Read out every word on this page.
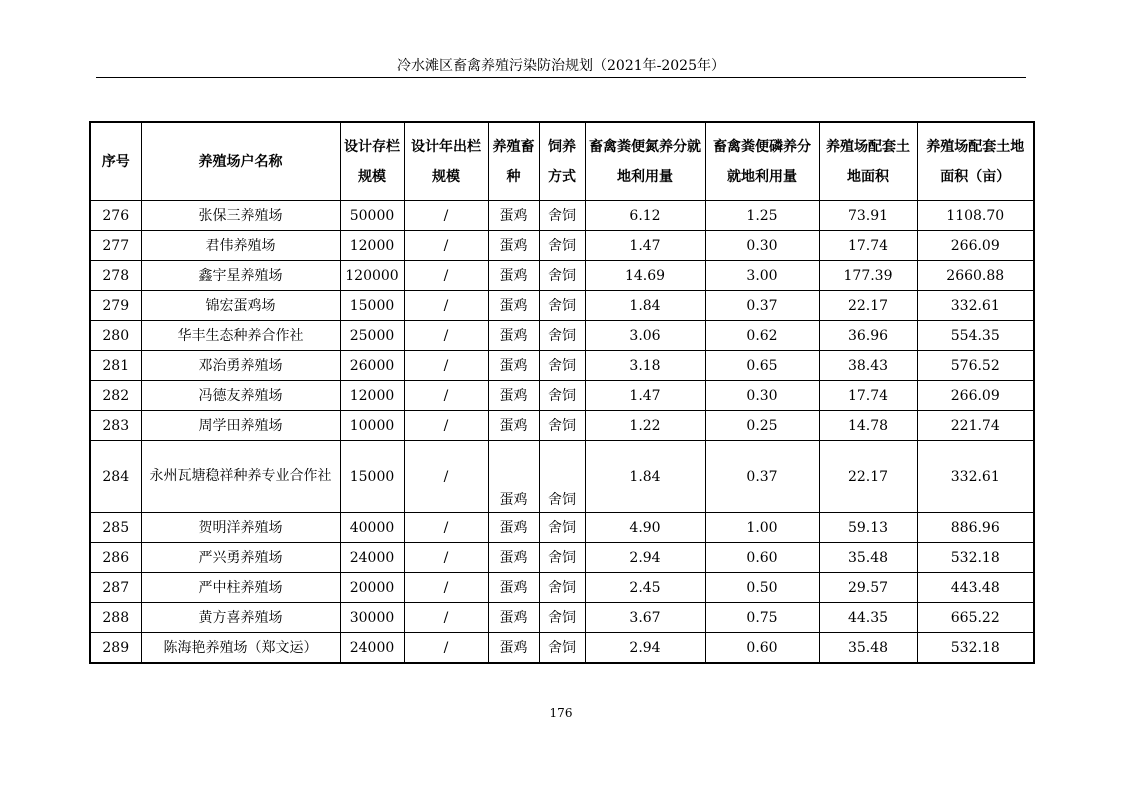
冷水滩区畜禽养殖污染防治规划（2021年-2025年）
序号	养殖场户名称	设计存栏规模	设计年出栏规模	养殖畜种	饲养方式	畜禽粪便氮养分就地利用量	畜禽粪便磷养分就地利用量	养殖场配套土地面积	养殖场配套土地面积（亩）
276	张保三养殖场	50000	/	蛋鸡	舍饲	6.12	1.25	73.91	1108.70
277	君伟养殖场	12000	/	蛋鸡	舍饲	1.47	0.30	17.74	266.09
278	鑫宇星养殖场	120000	/	蛋鸡	舍饲	14.69	3.00	177.39	2660.88
279	锦宏蛋鸡场	15000	/	蛋鸡	舍饲	1.84	0.37	22.17	332.61
280	华丰生态种养合作社	25000	/	蛋鸡	舍饲	3.06	0.62	36.96	554.35
281	邓治勇养殖场	26000	/	蛋鸡	舍饲	3.18	0.65	38.43	576.52
282	冯德友养殖场	12000	/	蛋鸡	舍饲	1.47	0.30	17.74	266.09
283	周学田养殖场	10000	/	蛋鸡	舍饲	1.22	0.25	14.78	221.74
284	永州瓦塘稳祥种养专业合作社	15000	/	蛋鸡	舍饲	1.84	0.37	22.17	332.61
285	贺明洋养殖场	40000	/	蛋鸡	舍饲	4.90	1.00	59.13	886.96
286	严兴勇养殖场	24000	/	蛋鸡	舍饲	2.94	0.60	35.48	532.18
287	严中柱养殖场	20000	/	蛋鸡	舍饲	2.45	0.50	29.57	443.48
288	黄方喜养殖场	30000	/	蛋鸡	舍饲	3.67	0.75	44.35	665.22
289	陈海艳养殖场（郑文运）	24000	/	蛋鸡	舍饲	2.94	0.60	35.48	532.18
176
